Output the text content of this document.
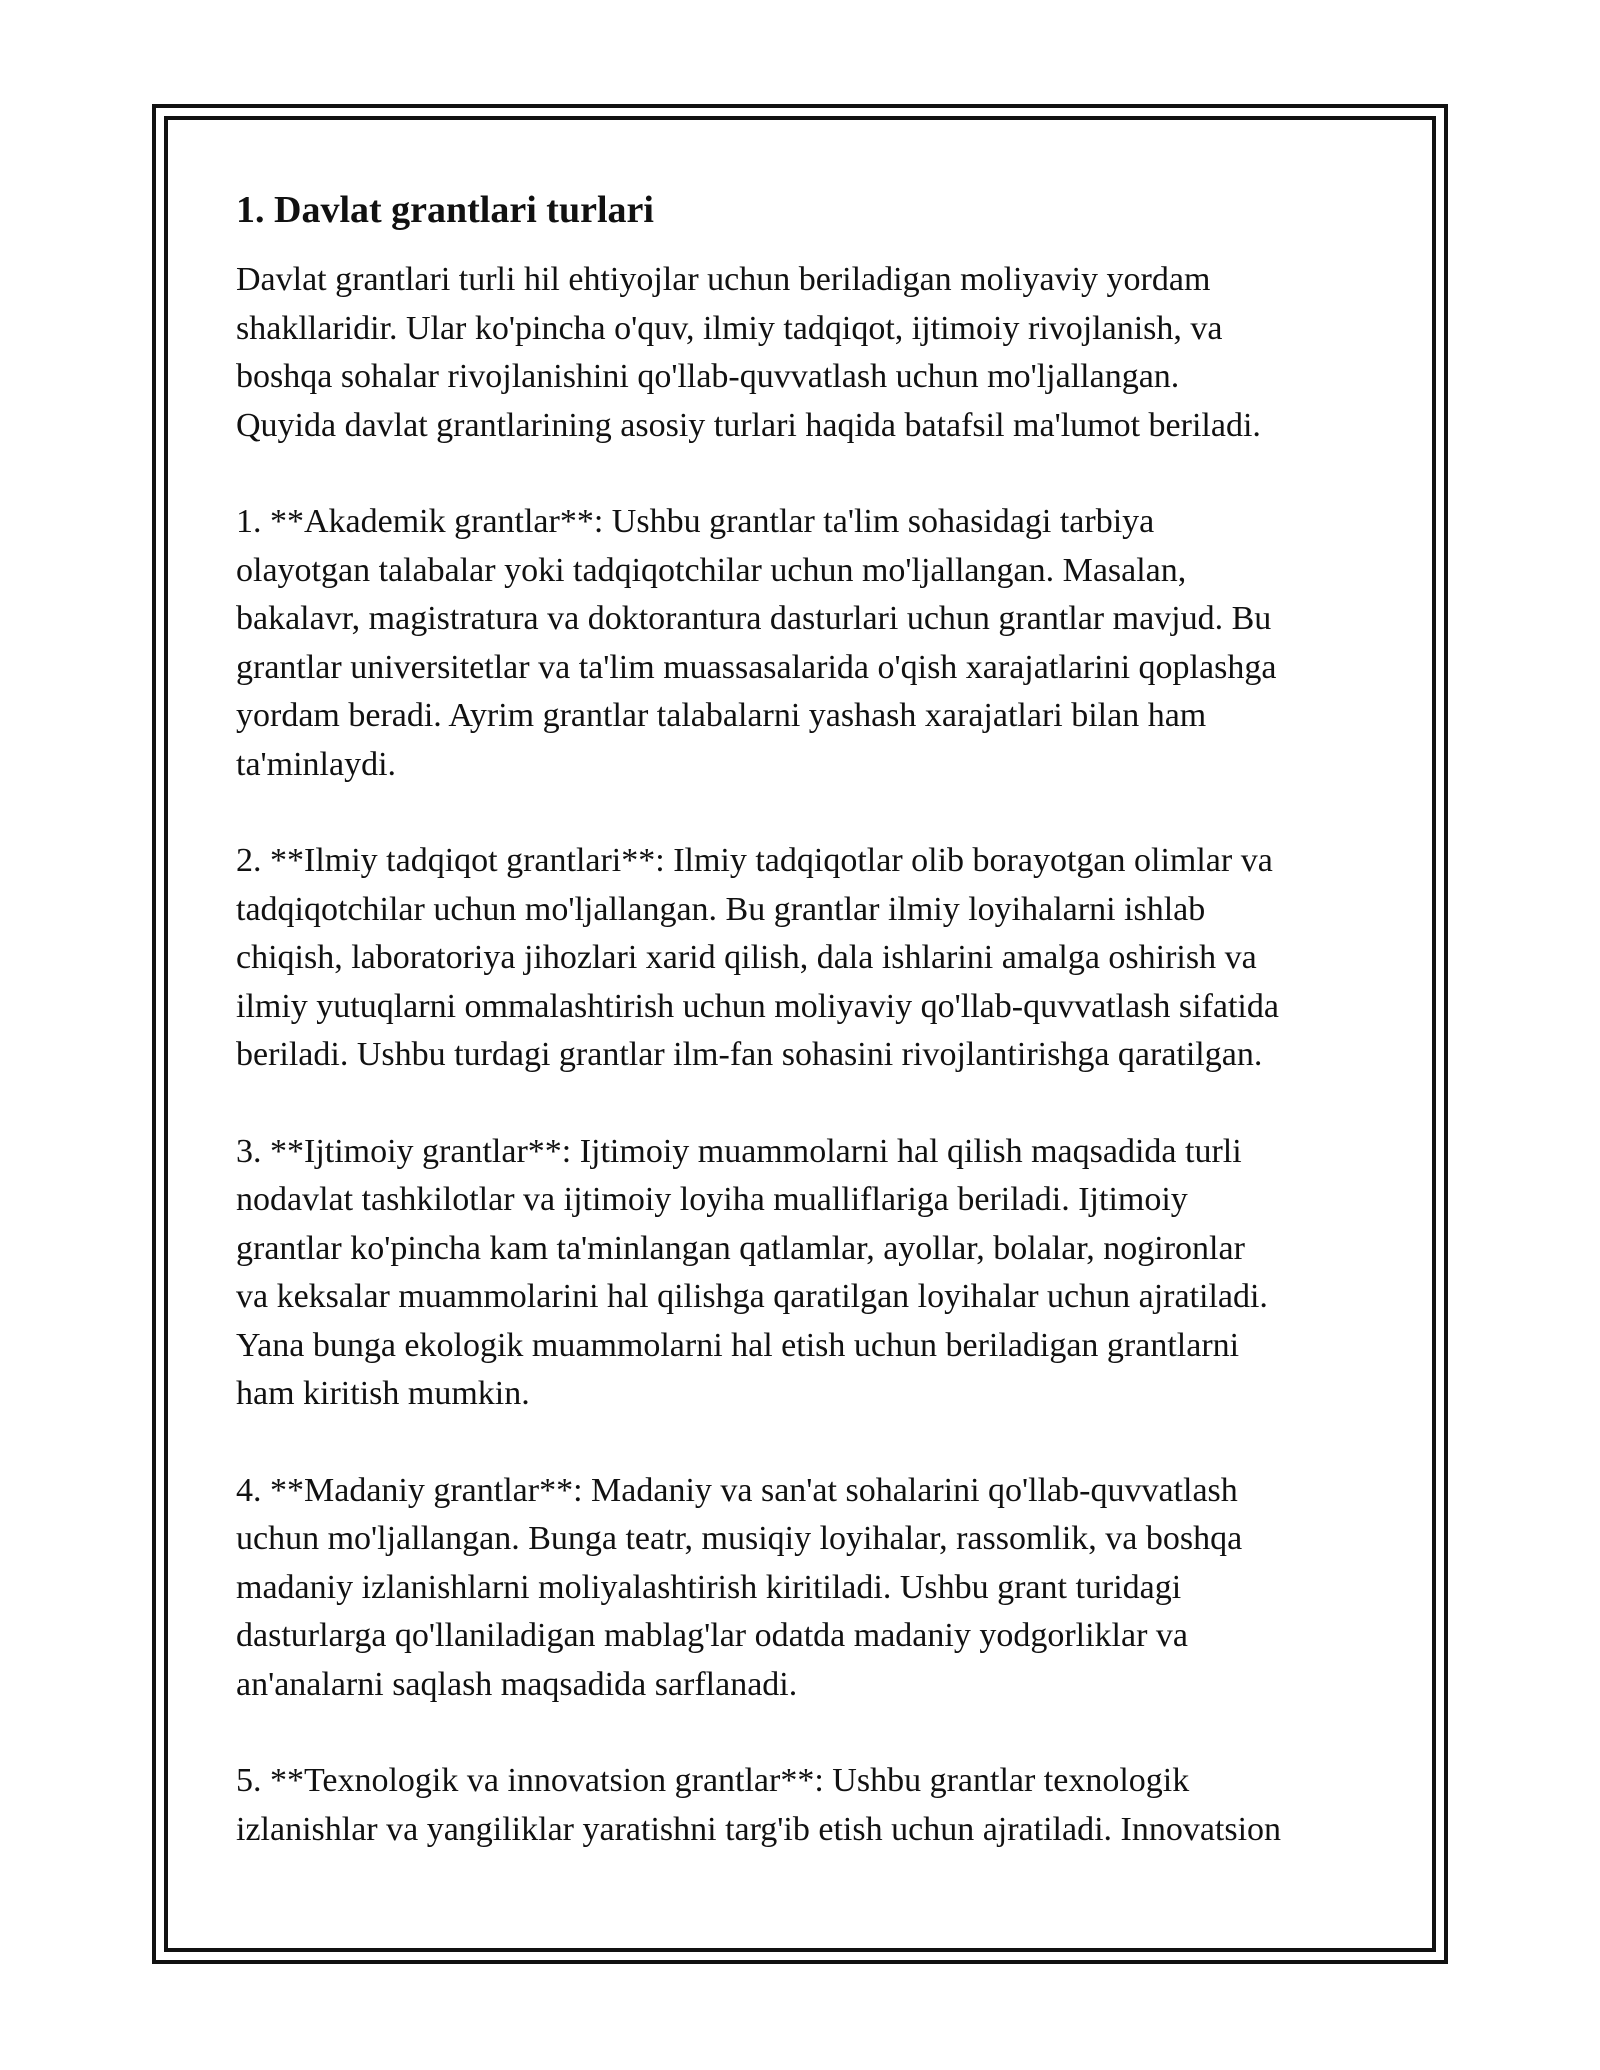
1. Davlat grantlari turlari
Davlat grantlari turli hil ehtiyojlar uchun beriladigan moliyaviy yordam
shakllaridir. Ular ko'pincha o'quv, ilmiy tadqiqot, ijtimoiy rivojlanish, va
boshqa sohalar rivojlanishini qo'llab-quvvatlash uchun mo'ljallangan.
Quyida davlat grantlarining asosiy turlari haqida batafsil ma'lumot beriladi.
1. **Akademik grantlar**: Ushbu grantlar ta'lim sohasidagi tarbiya
olayotgan talabalar yoki tadqiqotchilar uchun mo'ljallangan. Masalan,
bakalavr, magistratura va doktorantura dasturlari uchun grantlar mavjud. Bu
grantlar universitetlar va ta'lim muassasalarida o'qish xarajatlarini qoplashga
yordam beradi. Ayrim grantlar talabalarni yashash xarajatlari bilan ham
ta'minlaydi.
2. **Ilmiy tadqiqot grantlari**: Ilmiy tadqiqotlar olib borayotgan olimlar va
tadqiqotchilar uchun mo'ljallangan. Bu grantlar ilmiy loyihalarni ishlab
chiqish, laboratoriya jihozlari xarid qilish, dala ishlarini amalga oshirish va
ilmiy yutuqlarni ommalashtirish uchun moliyaviy qo'llab-quvvatlash sifatida
beriladi. Ushbu turdagi grantlar ilm-fan sohasini rivojlantirishga qaratilgan.
3. **Ijtimoiy grantlar**: Ijtimoiy muammolarni hal qilish maqsadida turli
nodavlat tashkilotlar va ijtimoiy loyiha mualliflariga beriladi. Ijtimoiy
grantlar ko'pincha kam ta'minlangan qatlamlar, ayollar, bolalar, nogironlar
va keksalar muammolarini hal qilishga qaratilgan loyihalar uchun ajratiladi.
Yana bunga ekologik muammolarni hal etish uchun beriladigan grantlarni
ham kiritish mumkin.
4. **Madaniy grantlar**: Madaniy va san'at sohalarini qo'llab-quvvatlash
uchun mo'ljallangan. Bunga teatr, musiqiy loyihalar, rassomlik, va boshqa
madaniy izlanishlarni moliyalashtirish kiritiladi. Ushbu grant turidagi
dasturlarga qo'llaniladigan mablag'lar odatda madaniy yodgorliklar va
an'analarni saqlash maqsadida sarflanadi.
5. **Texnologik va innovatsion grantlar**: Ushbu grantlar texnologik
izlanishlar va yangiliklar yaratishni targ'ib etish uchun ajratiladi. Innovatsion
